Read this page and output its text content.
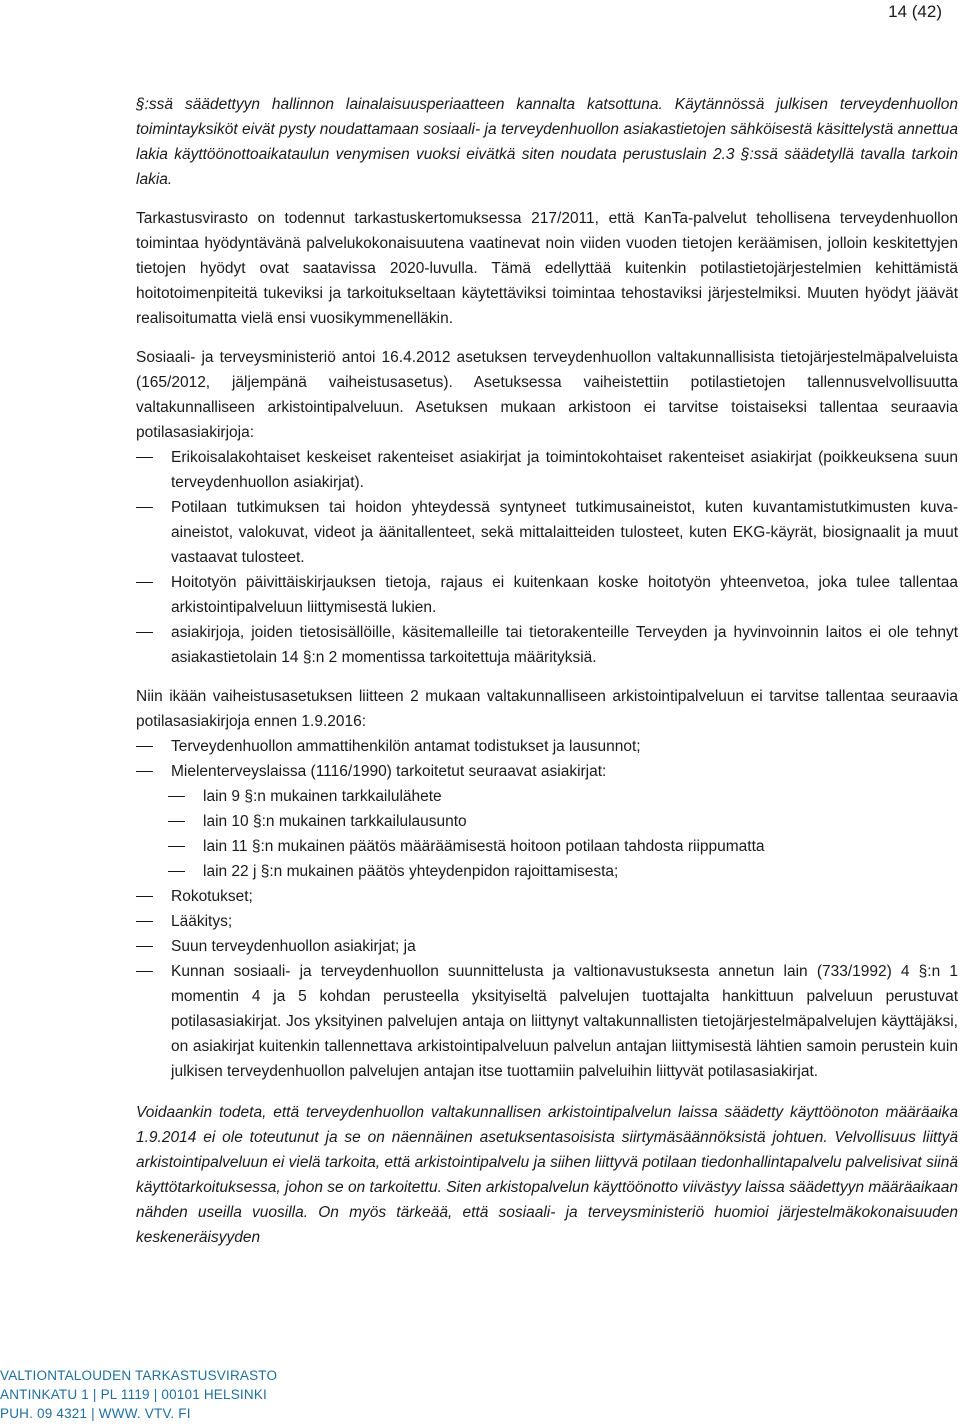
14 (42)

§:ssä säädettyyn hallinnon lainalaisuusperiaatteen kannalta katsottuna. Käytännössä julkisen terveydenhuollon toimintayksiköt eivät pysty noudattamaan sosiaali- ja terveydenhuollon asiakastietojen sähköisestä käsittelystä annettua lakia käyttöönottoaikataulun venymisen vuoksi eivätkä siten noudata perustuslain 2.3 §:ssä säädetyllä tavalla tarkoin lakia.

Tarkastusvirasto on todennut tarkastuskertomuksessa 217/2011, että KanTa-palvelut tehollisena terveydenhuollon toimintaa hyödyntävänä palvelukokonaisuutena vaatinevat noin viiden vuoden tietojen keräämisen, jolloin keskitettyjen tietojen hyödyt ovat saatavissa 2020-luvulla. Tämä edellyttää kuitenkin potilastietojärjestelmien kehittämistä hoitotoimenpiteitä tukeviksi ja tarkoitukseltaan käytettäviksi toimintaa tehostaviksi järjestelmiksi. Muuten hyödyt jäävät realisoitumatta vielä ensi vuosikymmenelläkin.

Sosiaali- ja terveysministeriö antoi 16.4.2012 asetuksen terveydenhuollon valtakunnallisista tietojärjestelmäpalveluista (165/2012, jäljempänä vaiheistusasetus). Asetuksessa vaiheistettiin potilastietojen tallennusvelvollisuutta valtakunnalliseen arkistointipalveluun. Asetuksen mukaan arkistoon ei tarvitse toistaiseksi tallentaa seuraavia potilasasiakirjoja:

Erikoisalakohtaiset keskeiset rakenteiset asiakirjat ja toimintokohtaiset rakenteiset asiakirjat (poikkeuksena suun terveydenhuollon asiakirjat).
Potilaan tutkimuksen tai hoidon yhteydessä syntyneet tutkimusaineistot, kuten kuvantamistutkimusten kuva-aineistot, valokuvat, videot ja äänitallenteet, sekä mittalaitteiden tulosteet, kuten EKG-käyrät, biosignaalit ja muut vastaavat tulosteet.
Hoitotyön päivittäiskirjauksen tietoja, rajaus ei kuitenkaan koske hoitotyön yhteenvetoa, joka tulee tallentaa arkistointipalveluun liittymisestä lukien.
asiakirjoja, joiden tietosisällöille, käsitemalleille tai tietorakenteille Terveyden ja hyvinvoinnin laitos ei ole tehnyt asiakastietolain 14 §:n 2 momentissa tarkoitettuja määrityksiä.

Niin ikään vaiheistusasetuksen liitteen 2 mukaan valtakunnalliseen arkistointipalveluun ei tarvitse tallentaa seuraavia potilasasiakirjoja ennen 1.9.2016:

Terveydenhuollon ammattihenkilön antamat todistukset ja lausunnot;
Mielenterveyslaissa (1116/1990) tarkoitetut seuraavat asiakirjat:
lain 9 §:n mukainen tarkkailulähete
lain 10 §:n mukainen tarkkailulausunto
lain 11 §:n mukainen päätös määräämisestä hoitoon potilaan tahdosta riippumatta
lain 22 j §:n mukainen päätös yhteydenpidon rajoittamisesta;
Rokotukset;
Lääkitys;
Suun terveydenhuollon asiakirjat; ja
Kunnan sosiaali- ja terveydenhuollon suunnittelusta ja valtionavustuksesta annetun lain (733/1992) 4 §:n 1 momentin 4 ja 5 kohdan perusteella yksityiseltä palvelujen tuottajalta hankittuun palveluun perustuvat potilasasiakirjat. Jos yksityinen palvelujen antaja on liittynyt valtakunnallisten tietojärjestelmäpalvelujen käyttäjäksi, on asiakirjat kuitenkin tallennettava arkistointipalveluun palvelun antajan liittymisestä lähtien samoin perustein kuin julkisen terveydenhuollon palvelujen antajan itse tuottamiin palveluihin liittyvät potilasasiakirjat.

Voidaankin todeta, että terveydenhuollon valtakunnallisen arkistointipalvelun laissa säädetty käyttöönoton määräaika 1.9.2014 ei ole toteutunut ja se on näennäinen asetuksentasoisista siirtymäsäännöksistä johtuen. Velvollisuus liittyä arkistointipalveluun ei vielä tarkoita, että arkistointipalvelu ja siihen liittyvä potilaan tiedonhallintapalvelu palvelisivat siinä käyttötarkoituksessa, johon se on tarkoitettu. Siten arkistopalvelun käyttöönotto viivästyy laissa säädettyyn määräaikaan nähden useilla vuosilla. On myös tärkeää, että sosiaali- ja terveysministeriö huomioi järjestelmäkokonaisuuden keskeneräisyyden

VALTIONTALOUDEN TARKASTUSVIRASTO
ANTINKATU 1 | PL 1119 | 00101 HELSINKI
PUH. 09 4321 | WWW. VTV. FI
